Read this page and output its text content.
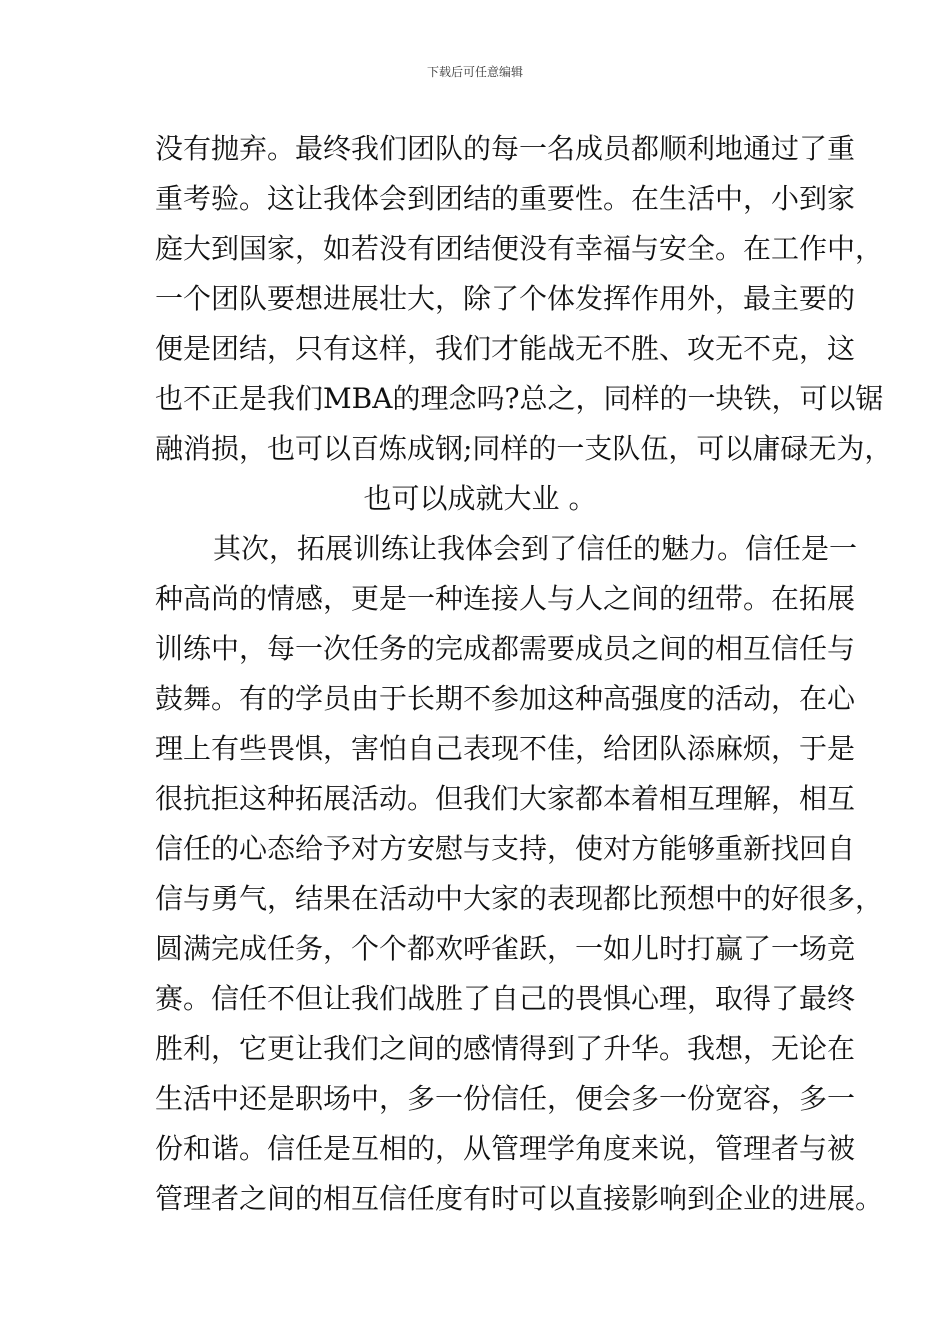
下载后可任意编辑
没有抛弃。最终我们团队的每一名成员都顺利地通过了重
重考验。这让我体会到团结的重要性。在生活中，小到家
庭大到国家，如若没有团结便没有幸福与安全。在工作中，
一个团队要想进展壮大，除了个体发挥作用外，最主要的
便是团结，只有这样，我们才能战无不胜、攻无不克，这
也不正是我们MBA的理念吗?总之，同样的一块铁，可以锯
融消损，也可以百炼成钢;同样的一支队伍，可以庸碌无为，
也可以成就大业 。
其次，拓展训练让我体会到了信任的魅力。信任是一
种高尚的情感，更是一种连接人与人之间的纽带。在拓展
训练中，每一次任务的完成都需要成员之间的相互信任与
鼓舞。有的学员由于长期不参加这种高强度的活动，在心
理上有些畏惧，害怕自己表现不佳，给团队添麻烦，于是
很抗拒这种拓展活动。但我们大家都本着相互理解，相互
信任的心态给予对方安慰与支持，使对方能够重新找回自
信与勇气，结果在活动中大家的表现都比预想中的好很多，
圆满完成任务，个个都欢呼雀跃，一如儿时打赢了一场竞
赛。信任不但让我们战胜了自己的畏惧心理，取得了最终
胜利，它更让我们之间的感情得到了升华。我想，无论在
生活中还是职场中，多一份信任，便会多一份宽容，多一
份和谐。信任是互相的，从管理学角度来说，管理者与被
管理者之间的相互信任度有时可以直接影响到企业的进展。
